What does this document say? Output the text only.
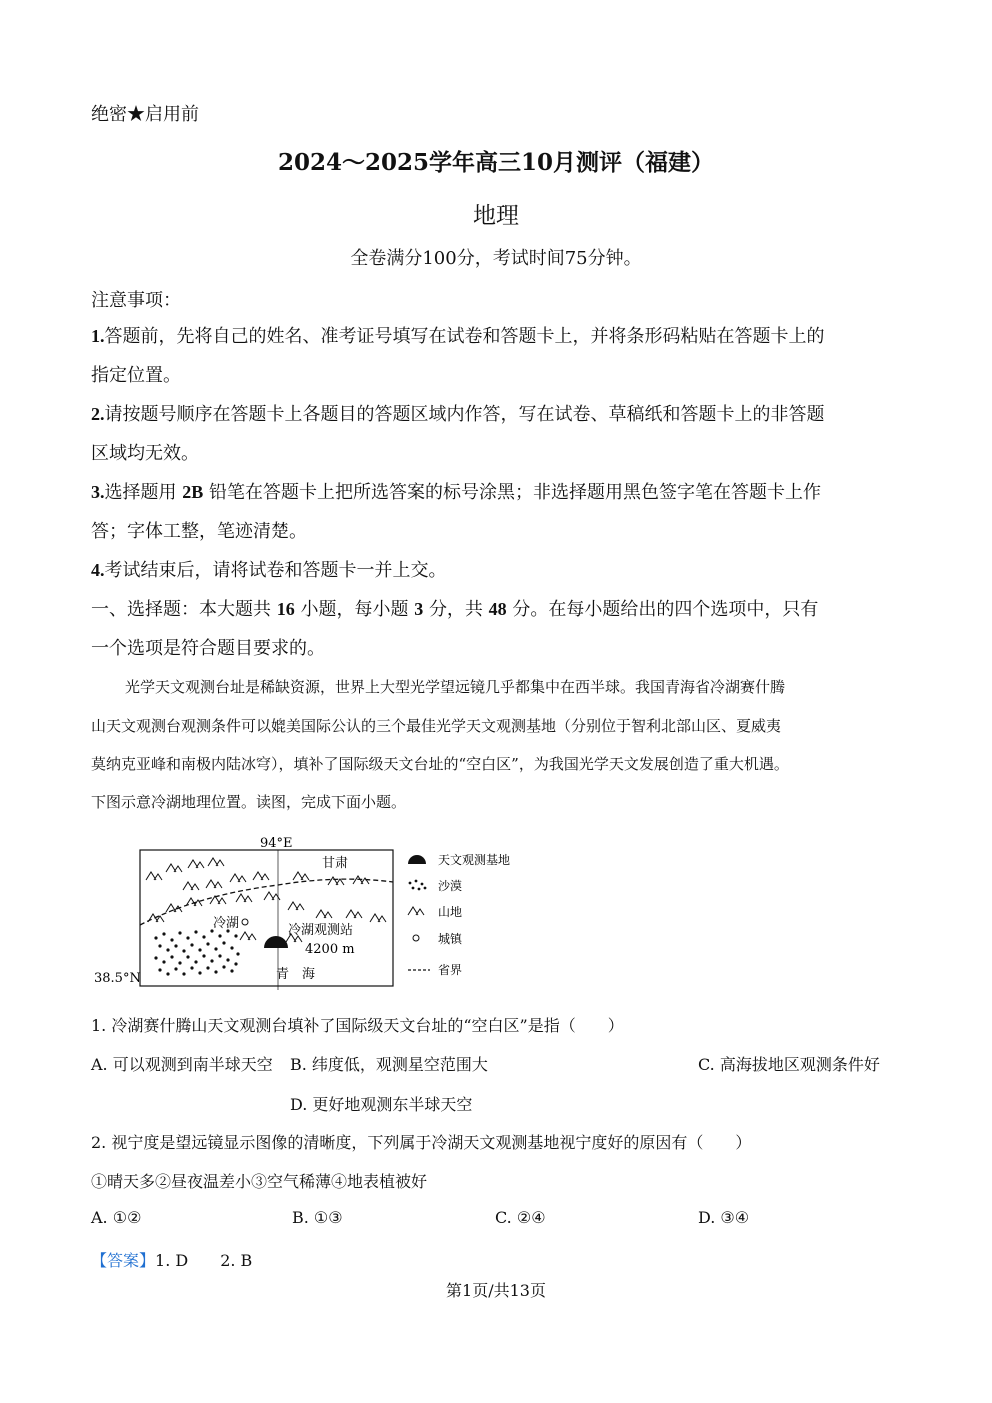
绝密★启用前
2024～2025学年高三10月测评（福建）
地理
全卷满分100分，考试时间75分钟。
注意事项：
1.答题前，先将自己的姓名、准考证号填写在试卷和答题卡上，并将条形码粘贴在答题卡上的
指定位置。
2.请按题号顺序在答题卡上各题目的答题区域内作答，写在试卷、草稿纸和答题卡上的非答题
区域均无效。
3.选择题用 2B 铅笔在答题卡上把所选答案的标号涂黑；非选择题用黑色签字笔在答题卡上作
答；字体工整，笔迹清楚。
4.考试结束后，请将试卷和答题卡一并上交。
一、选择题：本大题共 16 小题，每小题 3 分，共 48 分。在每小题给出的四个选项中，只有
一个选项是符合题目要求的。
光学天文观测台址是稀缺资源，世界上大型光学望远镜几乎都集中在西半球。我国青海省冷湖赛什腾
山天文观测台观测条件可以媲美国际公认的三个最佳光学天文观测基地（分别位于智利北部山区、夏威夷
莫纳克亚峰和南极内陆冰穹），填补了国际级天文台址的“空白区”，为我国光学天文发展创造了重大机遇。
下图示意冷湖地理位置。读图，完成下面小题。
94°E
38.5°N
甘肃
冷湖	冷湖观测站
4200 m
青　海
天文观测基地
沙漠
山地
城镇
省界
1. 冷湖赛什腾山天文观测台填补了国际级天文台址的“空白区”是指（　　）
A. 可以观测到南半球天空 B. 纬度低，观测星空范围大	C. 高海拔地区观测条件好
D. 更好地观测东半球天空
2. 视宁度是望远镜显示图像的清晰度，下列属于冷湖天文观测基地视宁度好的原因有（　　）
①晴天多②昼夜温差小③空气稀薄④地表植被好
A. ①②	B. ①③	C. ②④	D. ③④
【答案】1. D　　2. B
第1页/共13页
